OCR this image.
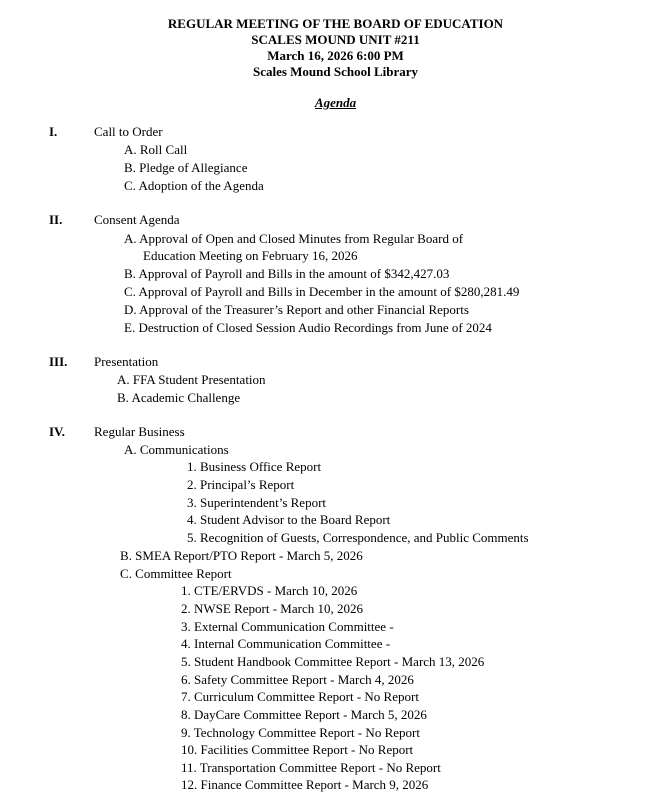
REGULAR MEETING OF THE BOARD OF EDUCATION
SCALES MOUND UNIT #211
March 16, 2026 6:00 PM
Scales Mound School Library
Agenda
I.	Call to Order
A. Roll Call
B. Pledge of Allegiance
C. Adoption of the Agenda
II. Consent Agenda
A. Approval of Open and Closed Minutes from Regular Board of
Education Meeting on February 16, 2026
B. Approval of Payroll and Bills in the amount of $342,427.03
C. Approval of Payroll and Bills in December in the amount of $280,281.49
D. Approval of the Treasurer’s Report and other Financial Reports
E. Destruction of Closed Session Audio Recordings from June of 2024
III. Presentation
A. FFA Student Presentation
B. Academic Challenge
IV. Regular Business
A. Communications
1. Business Office Report
2. Principal’s Report
3. Superintendent’s Report
4. Student Advisor to the Board Report
5. Recognition of Guests, Correspondence, and Public Comments
B. SMEA Report/PTO Report - March 5, 2026
C. Committee Report
1. CTE/ERVDS - March 10, 2026
2. NWSE Report - March 10, 2026
3. External Communication Committee -
4. Internal Communication Committee -
5. Student Handbook Committee Report - March 13, 2026
6. Safety Committee Report - March 4, 2026
7. Curriculum Committee Report - No Report
8. DayCare Committee Report - March 5, 2026
9. Technology Committee Report - No Report
10. Facilities Committee Report - No Report
11. Transportation Committee Report - No Report
12. Finance Committee Report - March 9, 2026
